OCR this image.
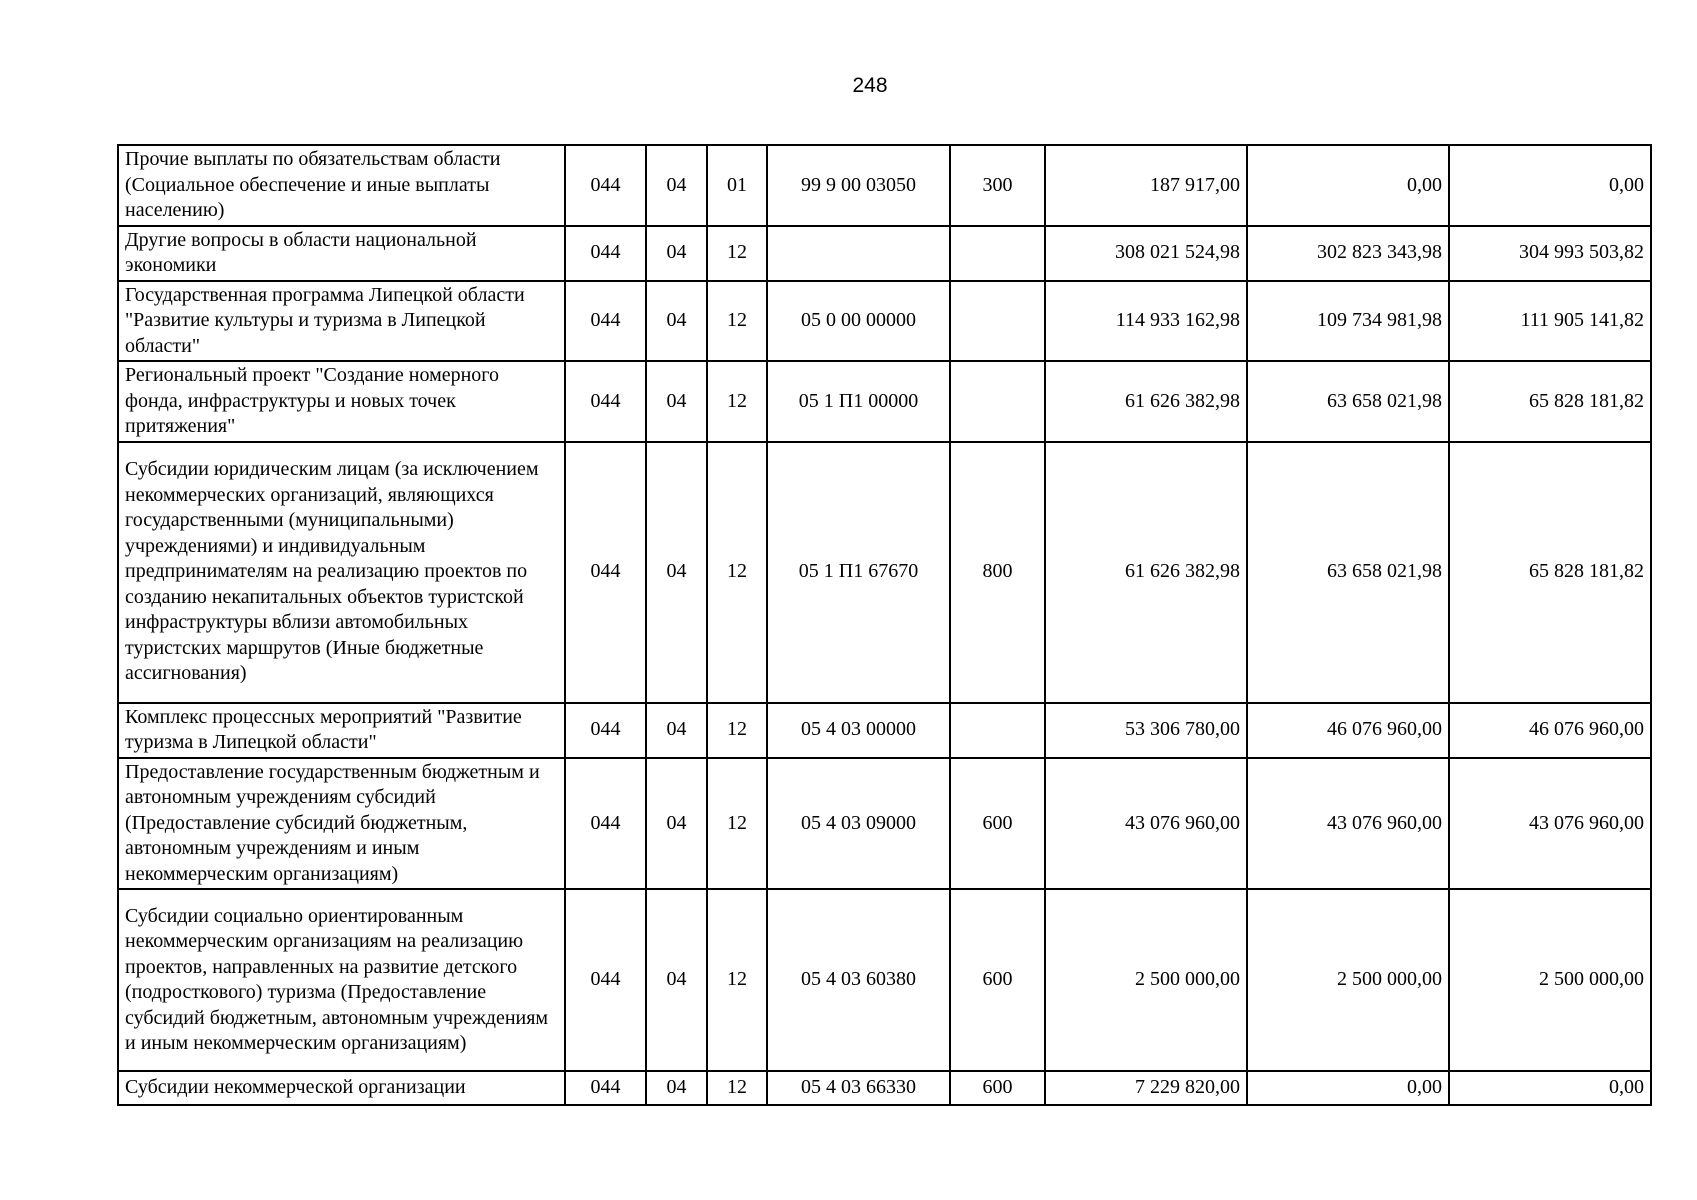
248
Прочие выплаты по обязательствам области (Социальное обеспечение и иные выплаты населению)	044	04	01	99 9 00 03050	300	187 917,00	0,00	0,00
Другие вопросы в области национальной экономики	044	04	12			308 021 524,98	302 823 343,98	304 993 503,82
Государственная программа Липецкой области "Развитие культуры и туризма в Липецкой области"	044	04	12	05 0 00 00000		114 933 162,98	109 734 981,98	111 905 141,82
Региональный проект "Создание номерного фонда, инфраструктуры и новых точек притяжения"	044	04	12	05 1 П1 00000		61 626 382,98	63 658 021,98	65 828 181,82
Субсидии юридическим лицам (за исключением некоммерческих организаций, являющихся государственными (муниципальными) учреждениями) и индивидуальным предпринимателям на реализацию проектов по созданию некапитальных объектов туристской инфраструктуры вблизи автомобильных туристских маршрутов (Иные бюджетные ассигнования)	044	04	12	05 1 П1 67670	800	61 626 382,98	63 658 021,98	65 828 181,82
Комплекс процессных мероприятий "Развитие туризма в Липецкой области"	044	04	12	05 4 03 00000		53 306 780,00	46 076 960,00	46 076 960,00
Предоставление государственным бюджетным и автономным учреждениям субсидий (Предоставление субсидий бюджетным, автономным учреждениям и иным некоммерческим организациям)	044	04	12	05 4 03 09000	600	43 076 960,00	43 076 960,00	43 076 960,00
Субсидии социально ориентированным некоммерческим организациям на реализацию проектов, направленных на развитие детского (подросткового) туризма (Предоставление субсидий бюджетным, автономным учреждениям и иным некоммерческим организациям)	044	04	12	05 4 03 60380	600	2 500 000,00	2 500 000,00	2 500 000,00
Субсидии некоммерческой организации	044	04	12	05 4 03 66330	600	7 229 820,00	0,00	0,00
